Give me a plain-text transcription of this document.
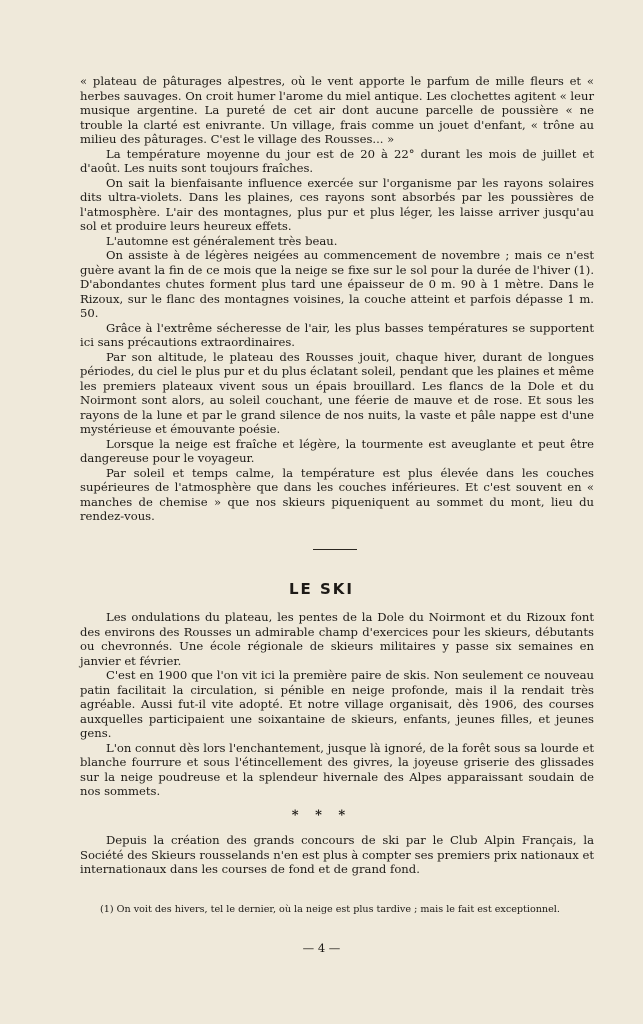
« plateau de pâturages alpestres, où le vent apporte le parfum de mille fleurs et « herbes sauvages. On croit humer l'arome du miel antique. Les clochettes agitent « leur musique argentine. La pureté de cet air dont aucune parcelle de poussière « ne trouble la clarté est enivrante. Un village, frais comme un jouet d'enfant, « trône au milieu des pâturages. C'est le village des Rousses... »

La température moyenne du jour est de 20 à 22° durant les mois de juillet et d'août. Les nuits sont toujours fraîches.

On sait la bienfaisante influence exercée sur l'organisme par les rayons solaires dits ultra-violets. Dans les plaines, ces rayons sont absorbés par les poussières de l'atmosphère. L'air des montagnes, plus pur et plus léger, les laisse arriver jusqu'au sol et produire leurs heureux effets.

L'automne est généralement très beau.

On assiste à de légères neigées au commencement de novembre ; mais ce n'est guère avant la fin de ce mois que la neige se fixe sur le sol pour la durée de l'hiver (1). D'abondantes chutes forment plus tard une épaisseur de 0 m. 90 à 1 mètre. Dans le Rizoux, sur le flanc des montagnes voisines, la couche atteint et parfois dépasse 1 m. 50.

Grâce à l'extrême sécheresse de l'air, les plus basses températures se supportent ici sans précautions extraordinaires.

Par son altitude, le plateau des Rousses jouit, chaque hiver, durant de longues périodes, du ciel le plus pur et du plus éclatant soleil, pendant que les plaines et même les premiers plateaux vivent sous un épais brouillard. Les flancs de la Dole et du Noirmont sont alors, au soleil couchant, une féerie de mauve et de rose. Et sous les rayons de la lune et par le grand silence de nos nuits, la vaste et pâle nappe est d'une mystérieuse et émouvante poésie.

Lorsque la neige est fraîche et légère, la tourmente est aveuglante et peut être dangereuse pour le voyageur.

Par soleil et temps calme, la température est plus élevée dans les couches supérieures de l'atmosphère que dans les couches inférieures. Et c'est souvent en « manches de chemise » que nos skieurs piqueniquent au sommet du mont, lieu du rendez-vous.

LE SKI

Les ondulations du plateau, les pentes de la Dole du Noirmont et du Rizoux font des environs des Rousses un admirable champ d'exercices pour les skieurs, débutants ou chevronnés. Une école régionale de skieurs militaires y passe six semaines en janvier et février.

C'est en 1900 que l'on vit ici la première paire de skis. Non seulement ce nouveau patin facilitait la circulation, si pénible en neige profonde, mais il la rendait très agréable. Aussi fut-il vite adopté. Et notre village organisait, dès 1906, des courses auxquelles participaient une soixantaine de skieurs, enfants, jeunes filles, et jeunes gens.

L'on connut dès lors l'enchantement, jusque là ignoré, de la forêt sous sa lourde et blanche fourrure et sous l'étincellement des givres, la joyeuse griserie des glissades sur la neige poudreuse et la splendeur hivernale des Alpes apparaissant soudain de nos sommets.

* * *

Depuis la création des grands concours de ski par le Club Alpin Français, la Société des Skieurs rousselands n'en est plus à compter ses premiers prix nationaux et internationaux dans les courses de fond et de grand fond.

(1) On voit des hivers, tel le dernier, où la neige est plus tardive ; mais le fait est exceptionnel.
— 4 —
